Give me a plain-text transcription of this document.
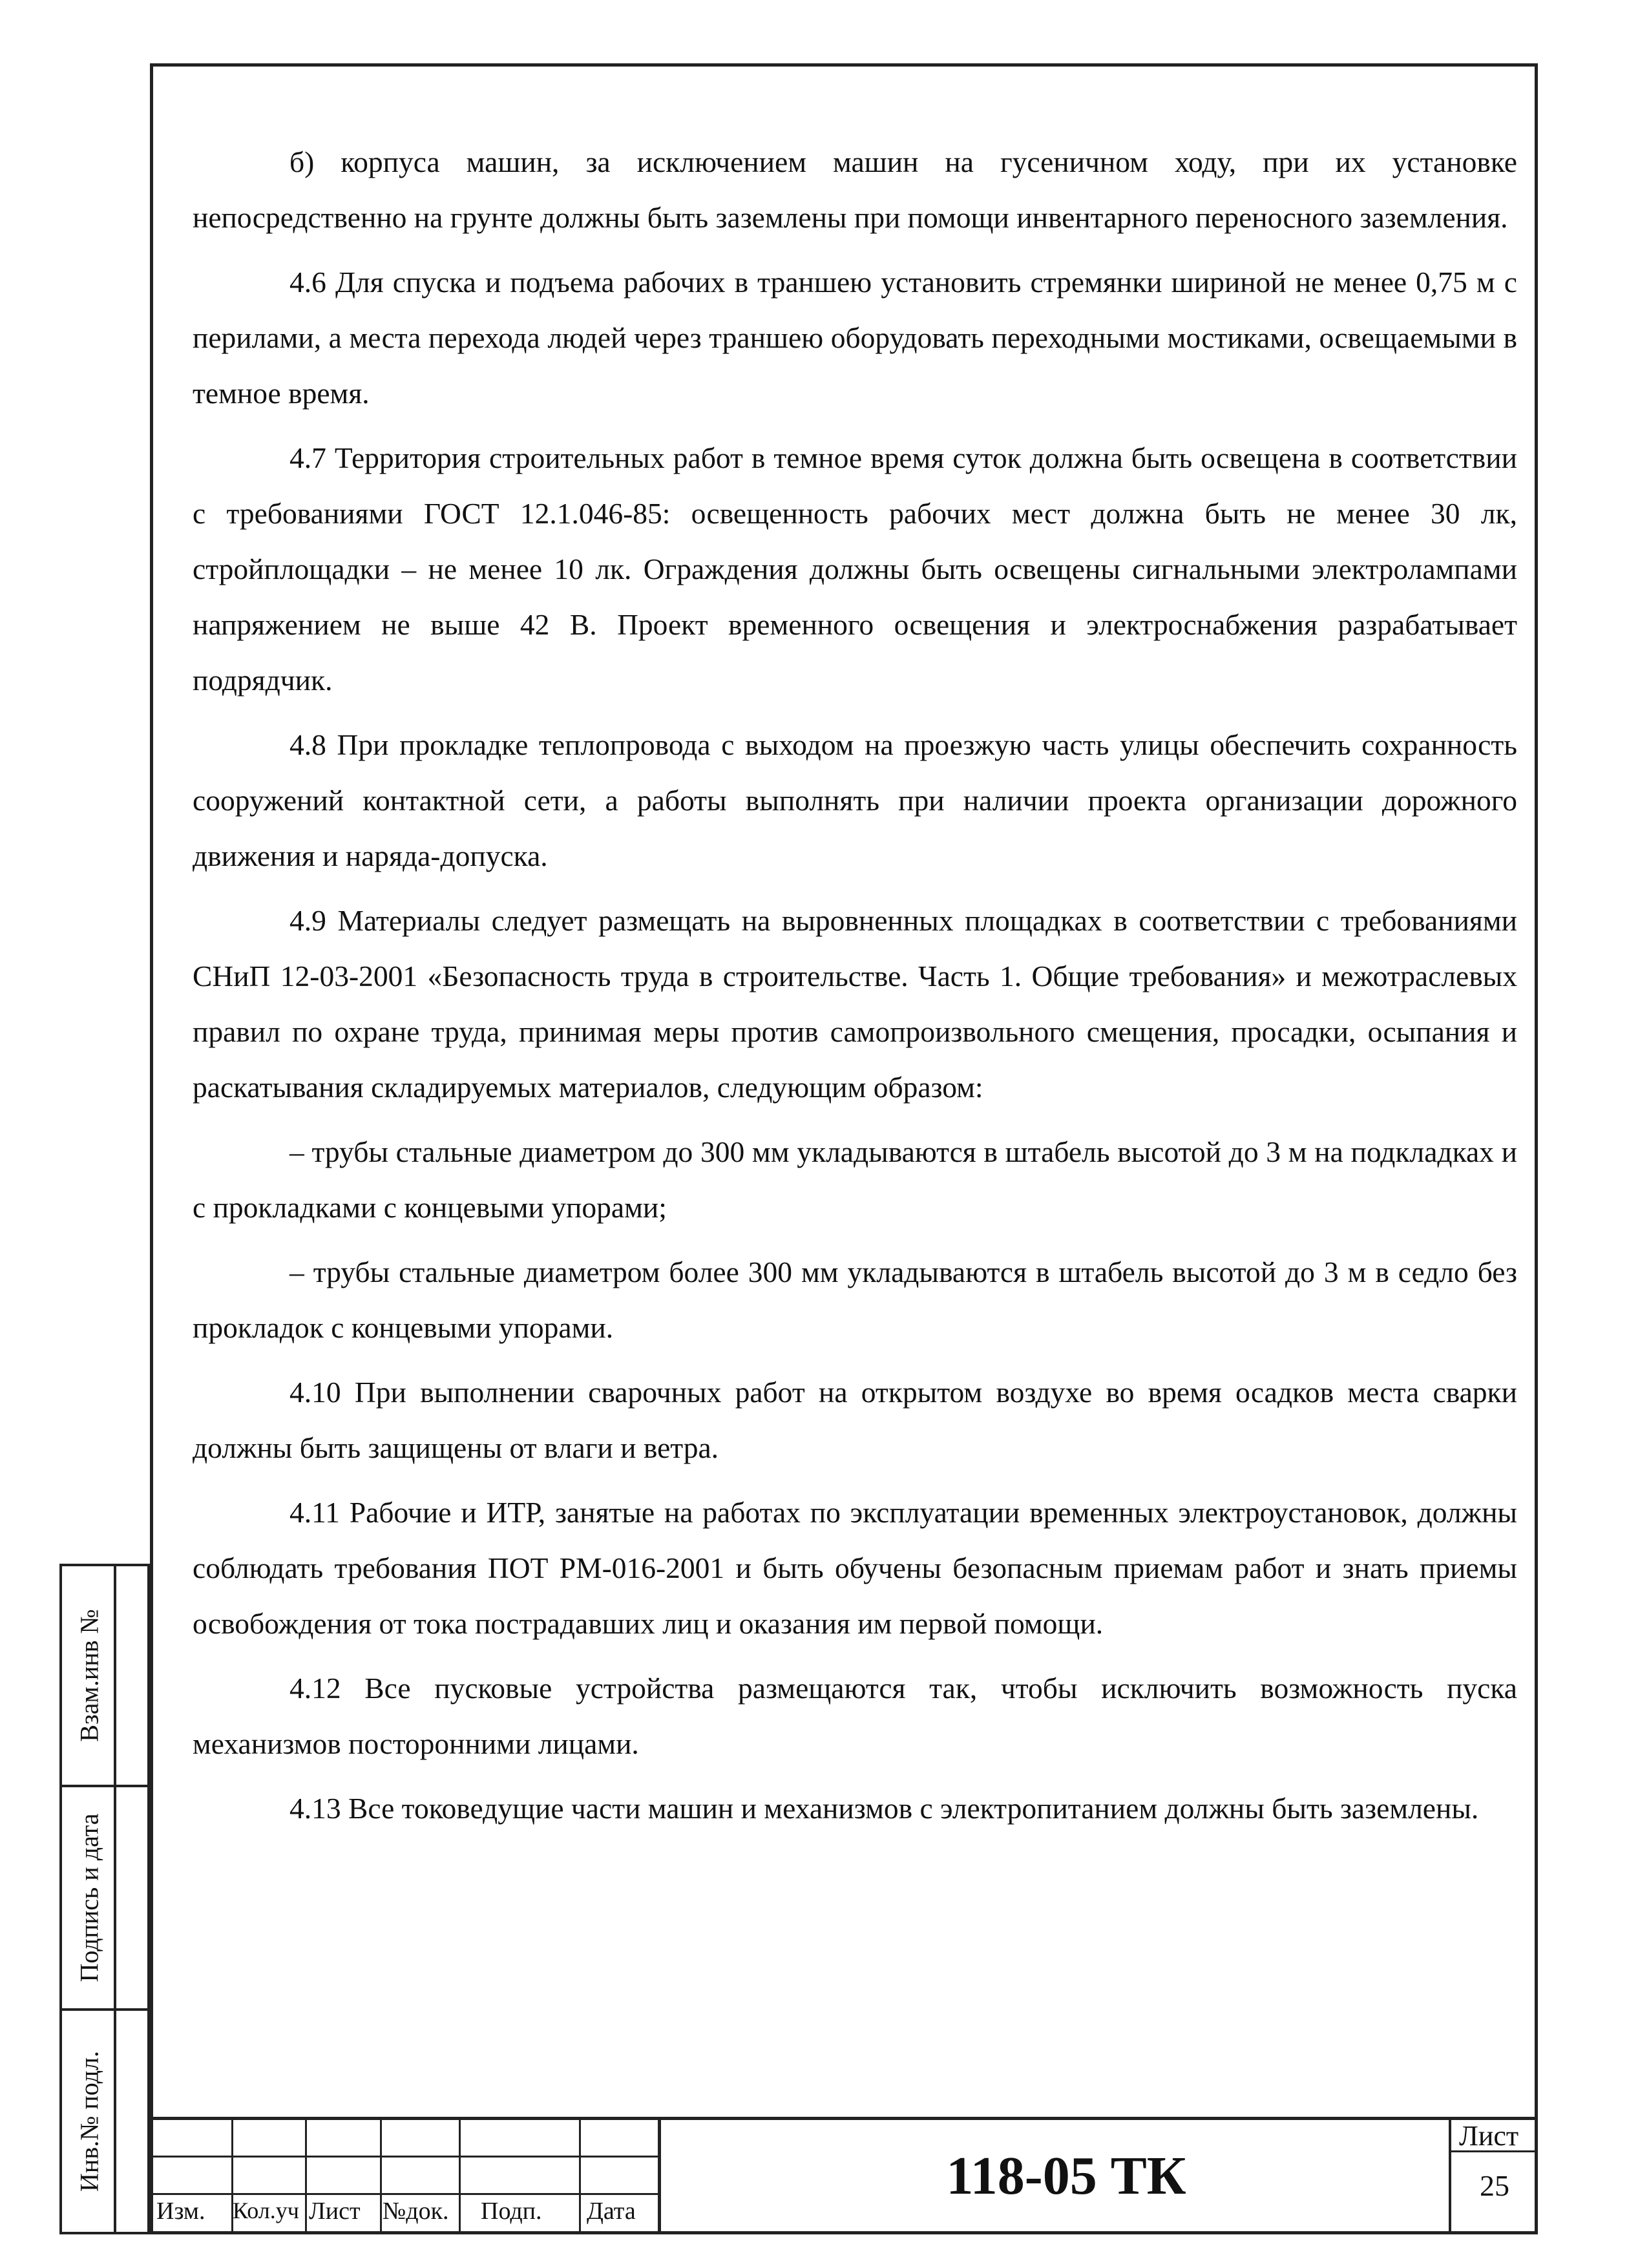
б) корпуса машин, за исключением машин на гусеничном ходу, при их установке непосредственно на грунте должны быть заземлены при помощи инвентарного переносного заземления.

4.6 Для спуска и подъема рабочих в траншею установить стремянки шириной не менее 0,75 м с перилами, а места перехода людей через траншею оборудовать переходными мостиками, освещаемыми в темное время.

4.7 Территория строительных работ в темное время суток должна быть освещена в соответствии с требованиями ГОСТ 12.1.046-85: освещенность рабочих мест должна быть не менее 30 лк, стройплощадки – не менее 10 лк. Ограждения должны быть освещены сигнальными электролампами напряжением не выше 42 В. Проект временного освещения и электроснабжения разрабатывает подрядчик.

4.8 При прокладке теплопровода с выходом на проезжую часть улицы обеспечить сохранность сооружений контактной сети, а работы выполнять при наличии проекта организации дорожного движения и наряда-допуска.

4.9 Материалы следует размещать на выровненных площадках в соответствии с требованиями СНиП 12-03-2001 «Безопасность труда в строительстве. Часть 1. Общие требования» и межотраслевых правил по охране труда, принимая меры против самопроизвольного смещения, просадки, осыпания и раскатывания складируемых материалов, следующим образом:

– трубы стальные диаметром до 300 мм укладываются в штабель высотой до 3 м на подкладках и с прокладками с концевыми упорами;

– трубы стальные диаметром более 300 мм укладываются в штабель высотой до 3 м в седло без прокладок с концевыми упорами.

4.10 При выполнении сварочных работ на открытом воздухе во время осадков места сварки должны быть защищены от влаги и ветра.

4.11 Рабочие и ИТР, занятые на работах по эксплуатации временных электроустановок, должны соблюдать требования ПОТ РМ-016-2001 и быть обучены безопасным приемам работ и знать приемы освобождения от тока пострадавших лиц и оказания им первой помощи.

4.12 Все пусковые устройства размещаются так, чтобы исключить возможность пуска механизмов посторонними лицами.

4.13 Все токоведущие части машин и механизмов с электропитанием должны быть заземлены.

Взам.инв №
Подпись и дата
Инв.№ подл.
Изм. Кол.уч Лист №док. Подп. Дата
118-05 ТК
Лист
25
